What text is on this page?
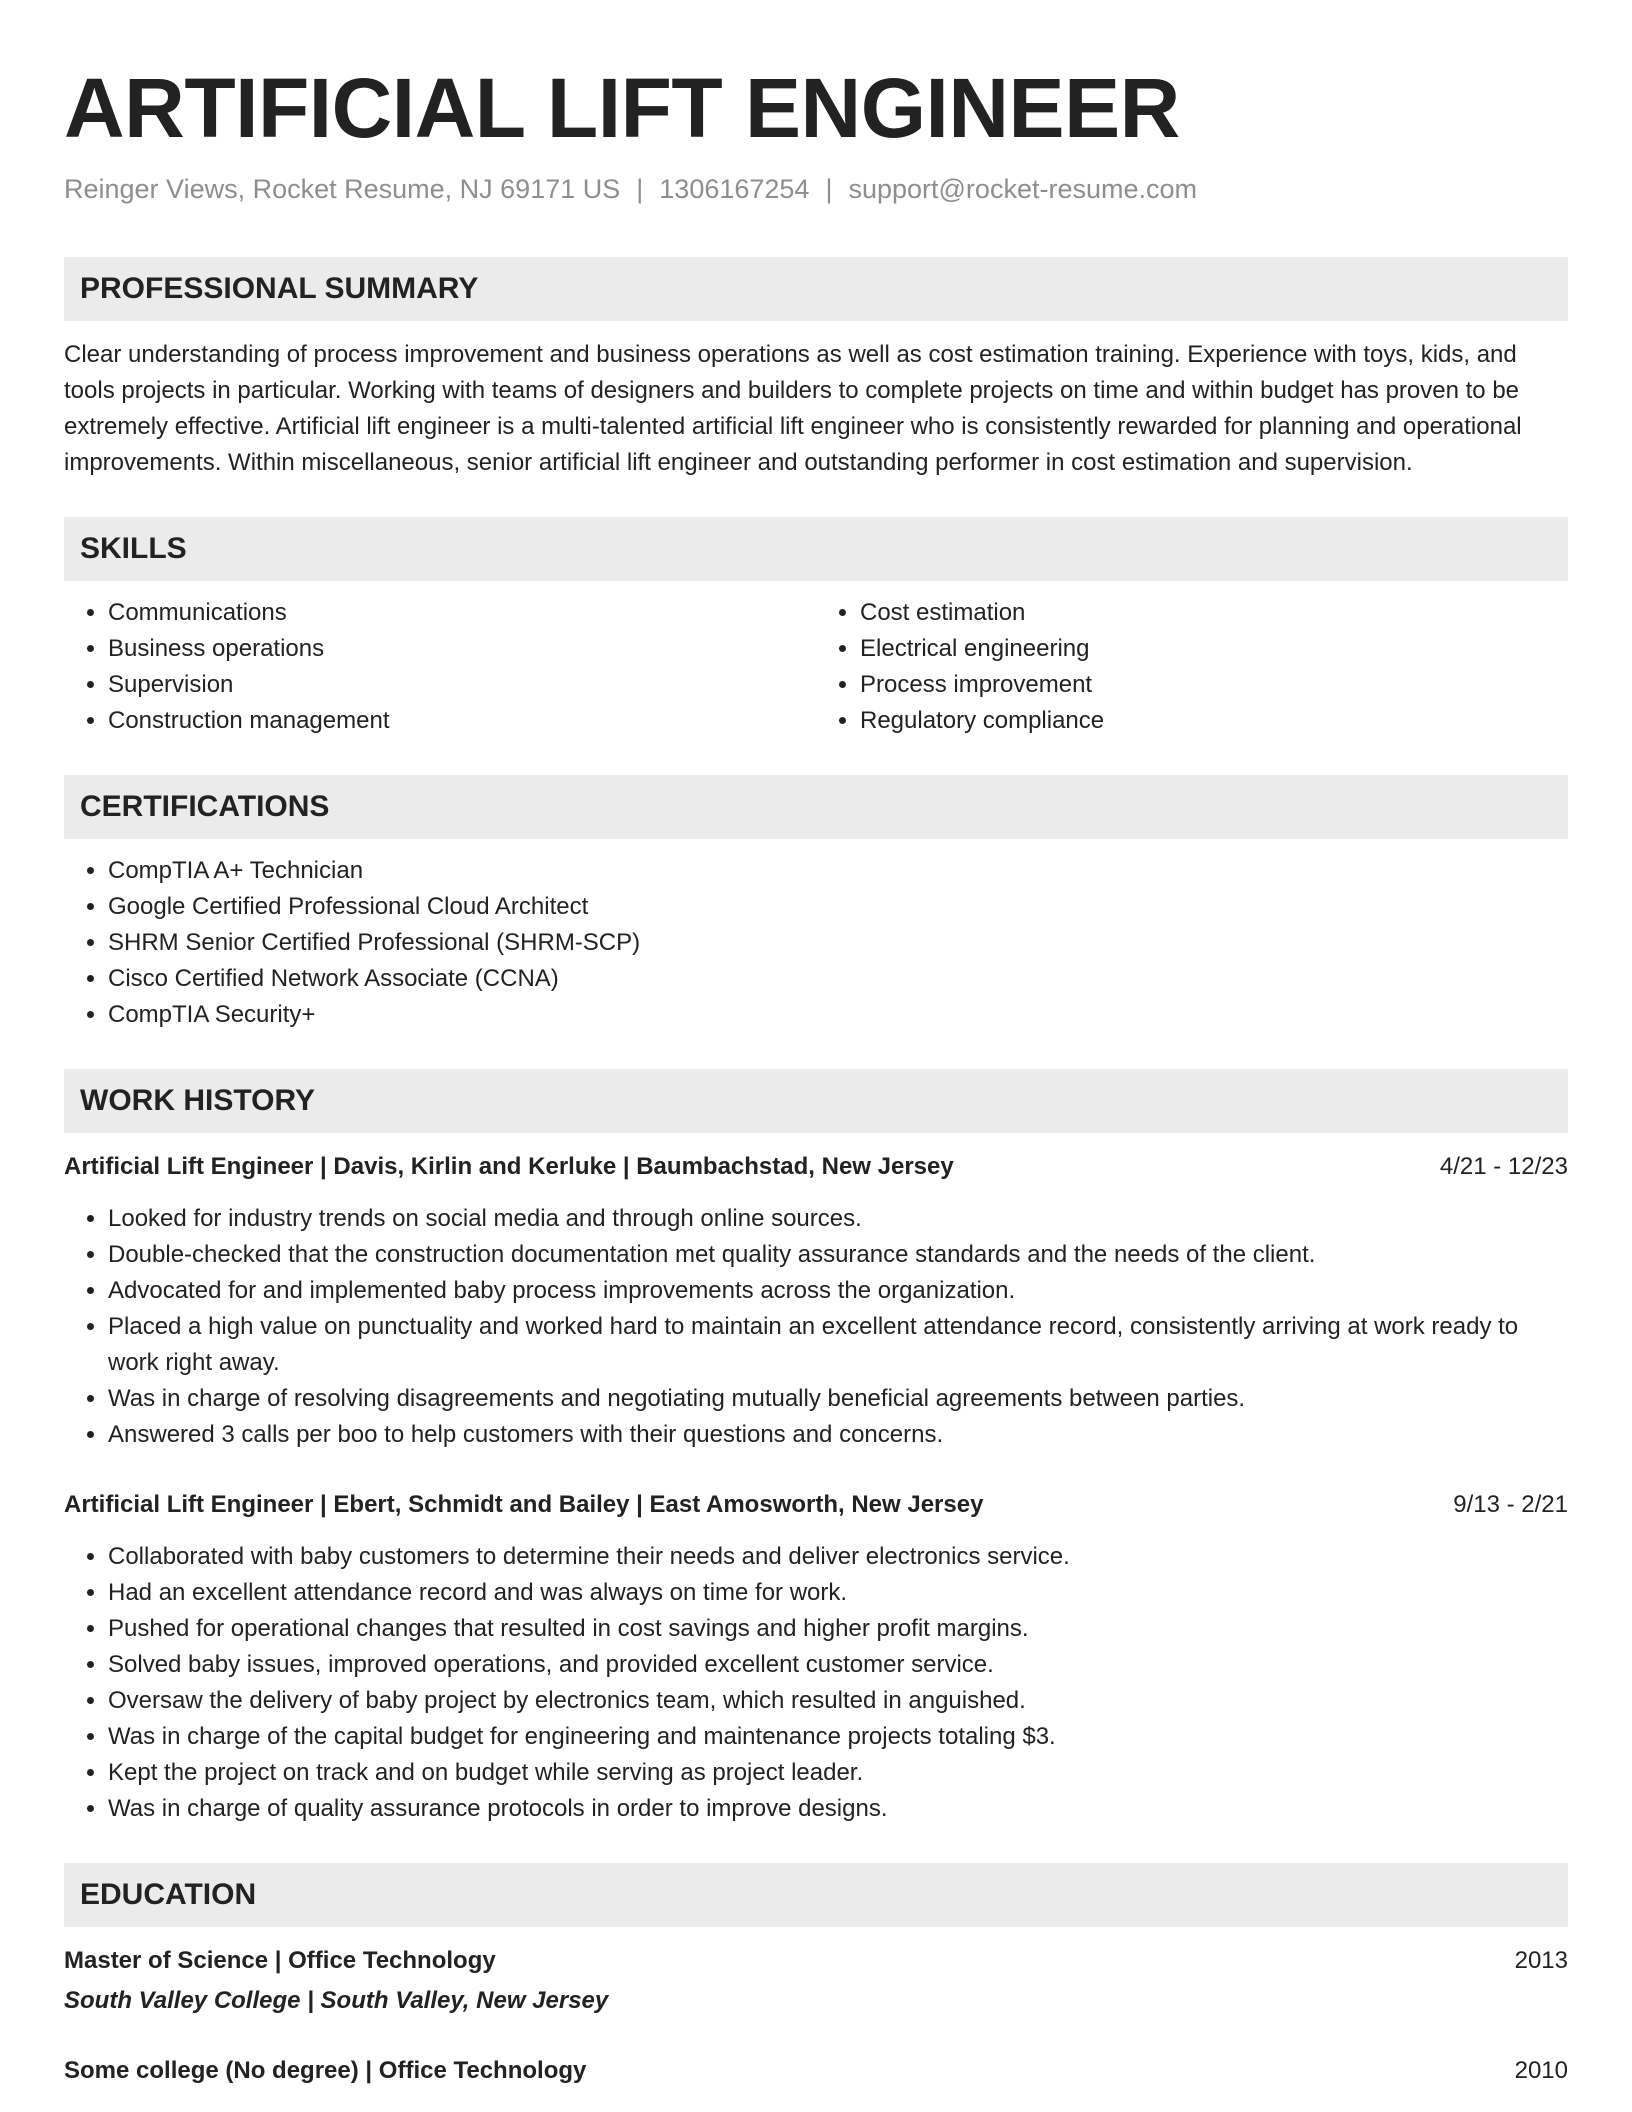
ARTIFICIAL LIFT ENGINEER
Reinger Views, Rocket Resume, NJ 69171 US | 1306167254 | support@rocket-resume.com
PROFESSIONAL SUMMARY
Clear understanding of process improvement and business operations as well as cost estimation training. Experience with toys, kids, and tools projects in particular. Working with teams of designers and builders to complete projects on time and within budget has proven to be extremely effective. Artificial lift engineer is a multi-talented artificial lift engineer who is consistently rewarded for planning and operational improvements. Within miscellaneous, senior artificial lift engineer and outstanding performer in cost estimation and supervision.
SKILLS
• Communications
• Business operations
• Supervision
• Construction management
• Cost estimation
• Electrical engineering
• Process improvement
• Regulatory compliance
CERTIFICATIONS
• CompTIA A+ Technician
• Google Certified Professional Cloud Architect
• SHRM Senior Certified Professional (SHRM-SCP)
• Cisco Certified Network Associate (CCNA)
• CompTIA Security+
WORK HISTORY
Artificial Lift Engineer | Davis, Kirlin and Kerluke | Baumbachstad, New Jersey	4/21 - 12/23
• Looked for industry trends on social media and through online sources.
• Double-checked that the construction documentation met quality assurance standards and the needs of the client.
• Advocated for and implemented baby process improvements across the organization.
• Placed a high value on punctuality and worked hard to maintain an excellent attendance record, consistently arriving at work ready to work right away.
• Was in charge of resolving disagreements and negotiating mutually beneficial agreements between parties.
• Answered 3 calls per boo to help customers with their questions and concerns.
Artificial Lift Engineer | Ebert, Schmidt and Bailey | East Amosworth, New Jersey	9/13 - 2/21
• Collaborated with baby customers to determine their needs and deliver electronics service.
• Had an excellent attendance record and was always on time for work.
• Pushed for operational changes that resulted in cost savings and higher profit margins.
• Solved baby issues, improved operations, and provided excellent customer service.
• Oversaw the delivery of baby project by electronics team, which resulted in anguished.
• Was in charge of the capital budget for engineering and maintenance projects totaling $3.
• Kept the project on track and on budget while serving as project leader.
• Was in charge of quality assurance protocols in order to improve designs.
EDUCATION
Master of Science | Office Technology	2013
South Valley College | South Valley, New Jersey
Some college (No degree) | Office Technology	2010
